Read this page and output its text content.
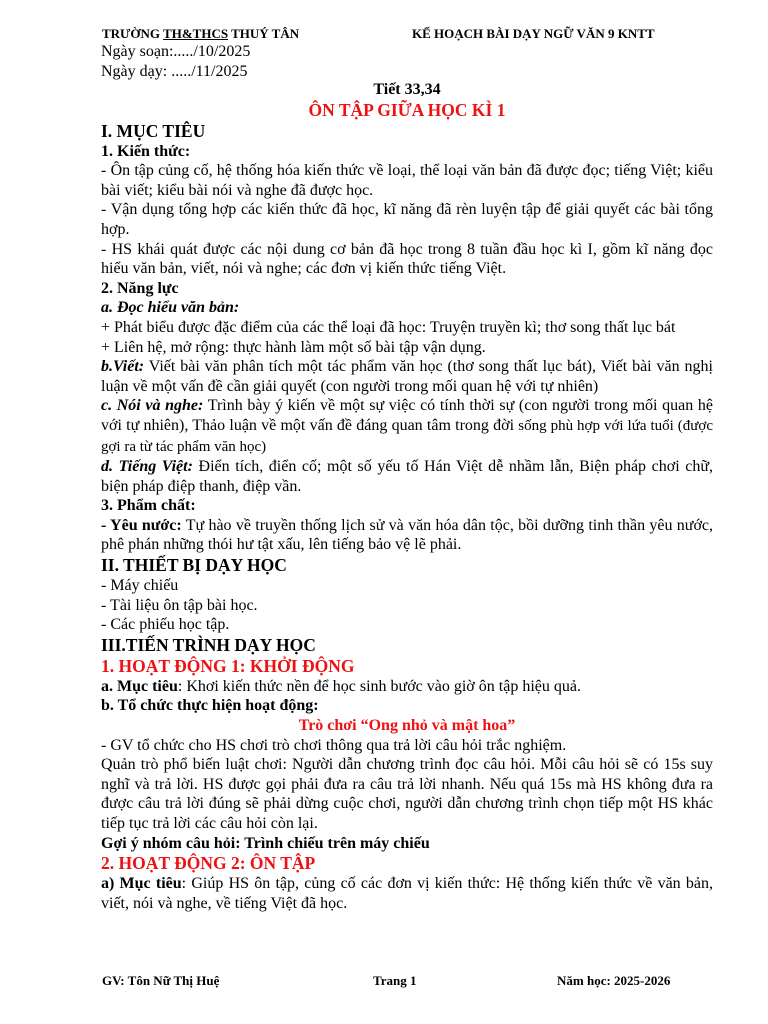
TRƯỜNG TH&THCS THUÝ TÂN	KẾ HOẠCH BÀI DẠY NGỮ VĂN 9 KNTT
Ngày soạn:...../10/2025
Ngày dạy: ...../11/2025

Tiết 33,34

ÔN TẬP GIỮA HỌC KÌ 1

I. MỤC TIÊU

1. Kiến thức:

- Ôn tập củng cố, hệ thống hóa kiến thức về loại, thể loại văn bản đã được đọc; tiếng Việt; kiểu bài viết; kiểu bài nói và nghe đã được học.

- Vận dụng tổng hợp các kiến thức đã học, kĩ năng đã rèn luyện tập để giải quyết các bài tổng hợp.

- HS khái quát được các nội dung cơ bản đã học trong 8 tuần đầu học kì I, gồm kĩ năng đọc hiểu văn bản, viết, nói và nghe; các đơn vị kiến thức tiếng Việt.

2. Năng lực

a. Đọc hiểu văn bản:

+ Phát biểu được đặc điểm của các thể loại đã học: Truyện truyền kì; thơ song thất lục bát

+ Liên hệ, mở rộng: thực hành làm một số bài tập vận dụng.

b.Viết: Viết bài văn phân tích một tác phẩm văn học (thơ song thất lục bát), Viết bài văn nghị luận về một vấn đề cần giải quyết (con người trong mối quan hệ với tự nhiên)

c. Nói và nghe: Trình bày ý kiến về một sự việc có tính thời sự (con người trong mối quan hệ với tự nhiên), Thảo luận về một vấn đề đáng quan tâm trong đời sống phù hợp với lứa tuổi (được gợi ra từ tác phẩm văn học)

d. Tiếng Việt: Điển tích, điển cố; một số yếu tố Hán Việt dễ nhầm lẫn, Biện pháp chơi chữ, biện pháp điệp thanh, điệp vần.

3. Phẩm chất:

- Yêu nước: Tự hào về truyền thống lịch sử và văn hóa dân tộc, bồi dưỡng tinh thần yêu nước, phê phán những thói hư tật xấu, lên tiếng bảo vệ lẽ phải.

II. THIẾT BỊ DẠY HỌC

- Máy chiếu

- Tài liệu ôn tập bài học.

- Các phiếu học tập.

III.TIẾN TRÌNH DẠY HỌC

1. HOẠT ĐỘNG 1: KHỞI ĐỘNG

a. Mục tiêu: Khơi kiến thức nền để học sinh bước vào giờ ôn tập hiệu quả.

b. Tổ chức thực hiện hoạt động:

Trò chơi “Ong nhỏ và mật hoa”

- GV tổ chức cho HS chơi trò chơi thông qua trả lời câu hỏi trắc nghiệm.

Quản trò phổ biến luật chơi: Người dẫn chương trình đọc câu hỏi. Mỗi câu hỏi sẽ có 15s suy nghĩ và trả lời. HS được gọi phải đưa ra câu trả lời nhanh. Nếu quá 15s mà HS không đưa ra được câu trả lời đúng sẽ phải dừng cuộc chơi, người dẫn chương trình chọn tiếp một HS khác tiếp tục trả lời các câu hỏi còn lại.

Gợi ý nhóm câu hỏi: Trình chiếu trên máy chiếu

2. HOẠT ĐỘNG 2: ÔN TẬP

a) Mục tiêu: Giúp HS ôn tập, củng cố các đơn vị kiến thức: Hệ thống kiến thức về văn bản, viết, nói và nghe, về tiếng Việt đã học.

GV: Tôn Nữ Thị Huệ	Trang 1	Năm học: 2025-2026
